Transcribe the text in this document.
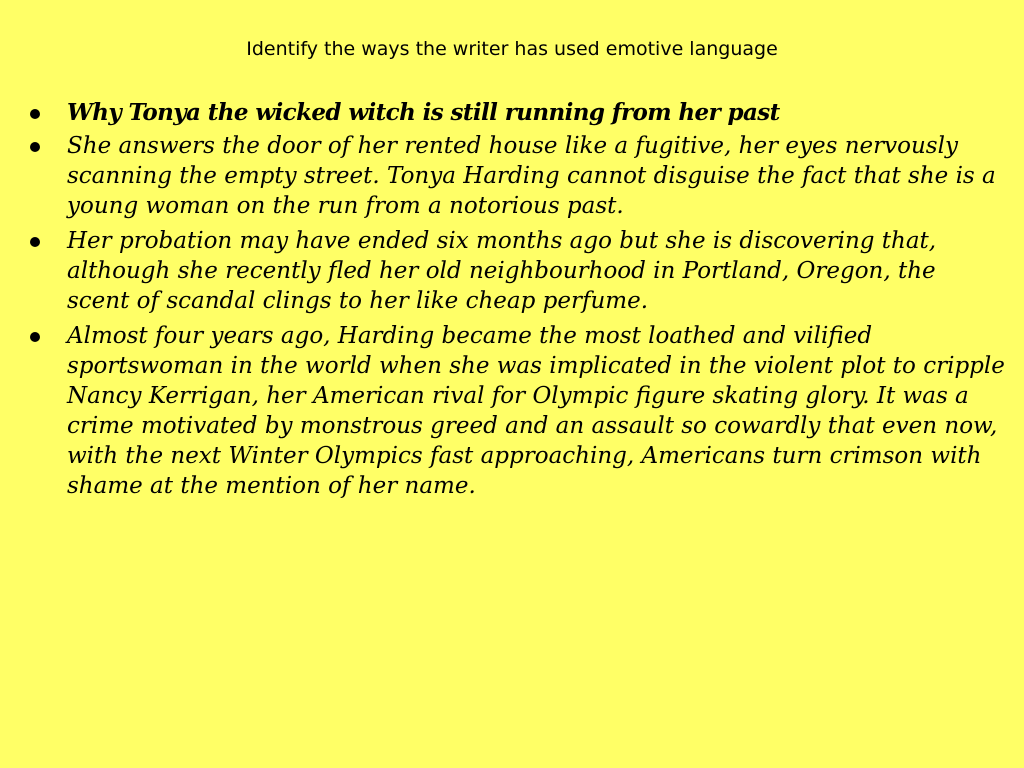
Identify the ways the writer has used emotive language
Why Tonya the wicked witch is still running from her past
She answers the door of her rented house like a fugitive, her eyes nervously scanning the empty street. Tonya Harding cannot disguise the fact that she is a young woman on the run from a notorious past.
Her probation may have ended six months ago but she is discovering that, although she recently fled her old neighbourhood in Portland, Oregon, the scent of scandal clings to her like cheap perfume.
Almost four years ago, Harding became the most loathed and vilified sportswoman in the world when she was implicated in the violent plot to cripple Nancy Kerrigan, her American rival for Olympic figure skating glory. It was a crime motivated by monstrous greed and an assault so cowardly that even now, with the next Winter Olympics fast approaching, Americans turn crimson with shame at the mention of her name.
